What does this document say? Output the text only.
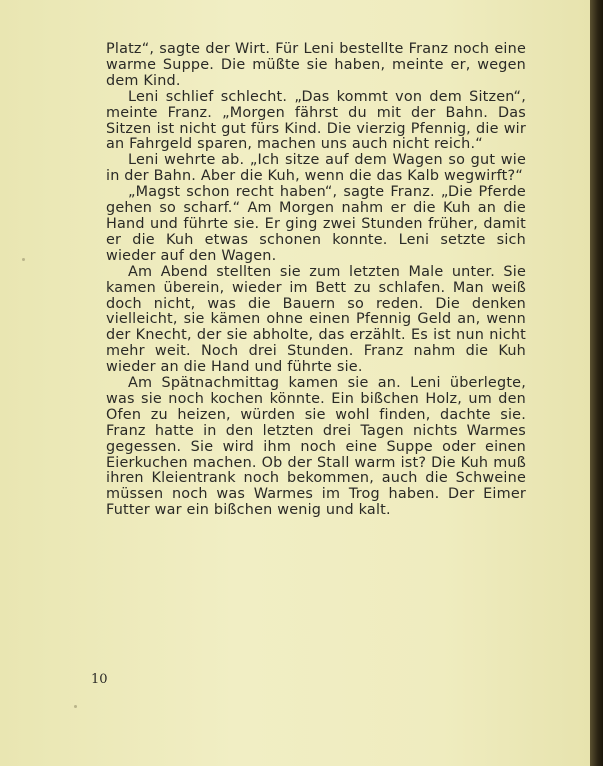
Platz“, sagte der Wirt. Für Leni bestellte Franz noch eine warme Suppe. Die müßte sie haben, meinte er, wegen dem Kind.

Leni schlief schlecht. „Das kommt von dem Sitzen“, meinte Franz. „Morgen fährst du mit der Bahn. Das Sitzen ist nicht gut fürs Kind. Die vierzig Pfennig, die wir an Fahrgeld sparen, machen uns auch nicht reich.“

Leni wehrte ab. „Ich sitze auf dem Wagen so gut wie in der Bahn. Aber die Kuh, wenn die das Kalb wegwirft?“

„Magst schon recht haben“, sagte Franz. „Die Pferde gehen so scharf.“ Am Morgen nahm er die Kuh an die Hand und führte sie. Er ging zwei Stunden früher, damit er die Kuh etwas schonen konnte. Leni setzte sich wieder auf den Wagen.

Am Abend stellten sie zum letzten Male unter. Sie kamen überein, wieder im Bett zu schlafen. Man weiß doch nicht, was die Bauern so reden. Die denken vielleicht, sie kämen ohne einen Pfennig Geld an, wenn der Knecht, der sie abholte, das erzählt. Es ist nun nicht mehr weit. Noch drei Stunden. Franz nahm die Kuh wieder an die Hand und führte sie.

Am Spätnachmittag kamen sie an. Leni überlegte, was sie noch kochen könnte. Ein bißchen Holz, um den Ofen zu heizen, würden sie wohl finden, dachte sie. Franz hatte in den letzten drei Tagen nichts Warmes gegessen. Sie wird ihm noch eine Suppe oder einen Eierkuchen machen. Ob der Stall warm ist? Die Kuh muß ihren Kleientrank noch bekommen, auch die Schweine müssen noch was Warmes im Trog haben. Der Eimer Futter war ein bißchen wenig und kalt.

10
